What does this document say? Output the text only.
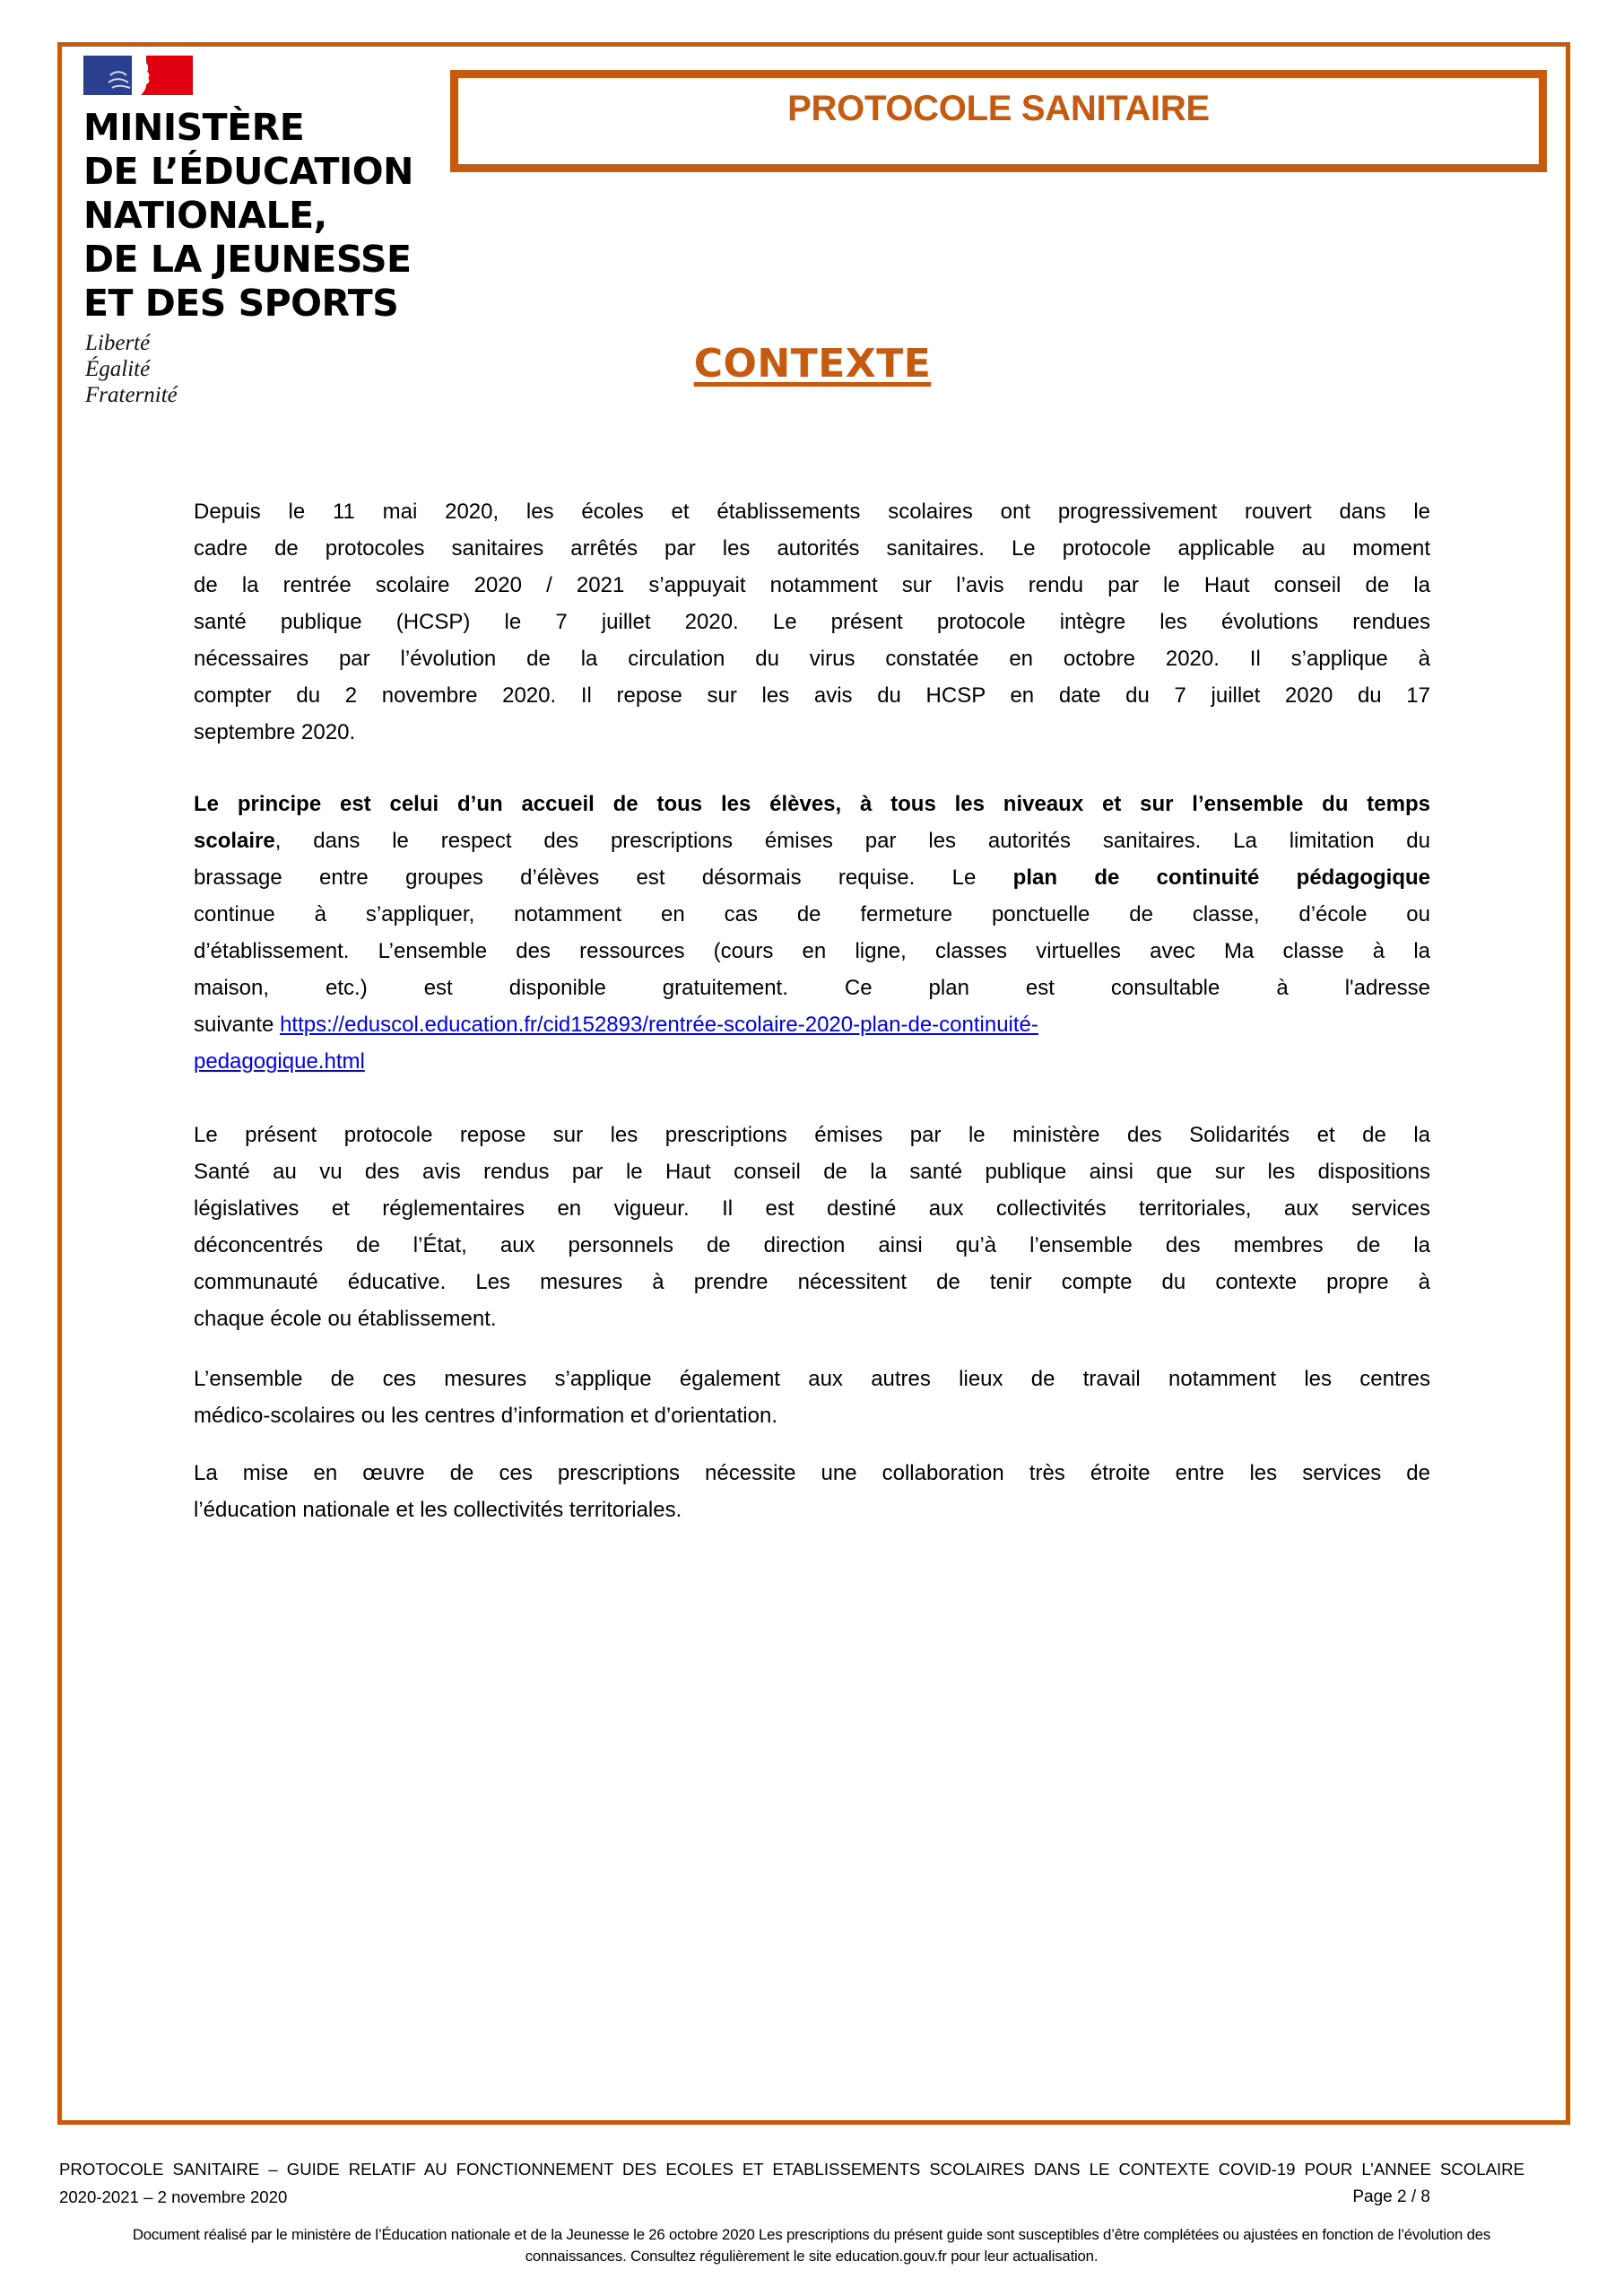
MINISTÈRE
DE L’ÉDUCATION
NATIONALE,
DE LA JEUNESSE
ET DES SPORTS
Liberté
Égalité
Fraternité
PROTOCOLE SANITAIRE
CONTEXTE
Depuis le 11 mai 2020, les écoles et établissements scolaires ont progressivement rouvert dans le
cadre de protocoles sanitaires arrêtés par les autorités sanitaires. Le protocole applicable au moment
de la rentrée scolaire 2020 / 2021 s’appuyait notamment sur l’avis rendu par le Haut conseil de la
santé publique (HCSP) le 7 juillet 2020. Le présent protocole intègre les évolutions rendues
nécessaires par l’évolution de la circulation du virus constatée en octobre 2020. Il s’applique à
compter du 2 novembre 2020. Il repose sur les avis du HCSP en date du 7 juillet 2020 du 17
septembre 2020.
Le principe est celui d’un accueil de tous les élèves, à tous les niveaux et sur l’ensemble du temps
scolaire, dans le respect des prescriptions émises par les autorités sanitaires. La limitation du
brassage entre groupes d’élèves est désormais requise. Le plan de continuité pédagogique
continue à s’appliquer, notamment en cas de fermeture ponctuelle de classe, d’école ou
d’établissement. L’ensemble des ressources (cours en ligne, classes virtuelles avec Ma classe à la
maison, etc.) est disponible gratuitement. Ce plan est consultable à l'adresse
suivante https://eduscol.education.fr/cid152893/rentrée-scolaire-2020-plan-de-continuité-
pedagogique.html
Le présent protocole repose sur les prescriptions émises par le ministère des Solidarités et de la
Santé au vu des avis rendus par le Haut conseil de la santé publique ainsi que sur les dispositions
législatives et réglementaires en vigueur. Il est destiné aux collectivités territoriales, aux services
déconcentrés de l’État, aux personnels de direction ainsi qu’à l’ensemble des membres de la
communauté éducative. Les mesures à prendre nécessitent de tenir compte du contexte propre à
chaque école ou établissement.
L’ensemble de ces mesures s’applique également aux autres lieux de travail notamment les centres
médico-scolaires ou les centres d’information et d’orientation.
La mise en œuvre de ces prescriptions nécessite une collaboration très étroite entre les services de
l’éducation nationale et les collectivités territoriales.
PROTOCOLE SANITAIRE – GUIDE RELATIF AU FONCTIONNEMENT DES ECOLES ET ETABLISSEMENTS SCOLAIRES DANS LE CONTEXTE COVID-19 POUR L’ANNEE SCOLAIRE
2020-2021 – 2 novembre 2020	Page 2 / 8
Document réalisé par le ministère de l’Éducation nationale et de la Jeunesse le 26 octobre 2020 Les prescriptions du présent guide sont susceptibles d’être complétées ou ajustées en fonction de l’évolution des
connaissances. Consultez régulièrement le site education.gouv.fr pour leur actualisation.
